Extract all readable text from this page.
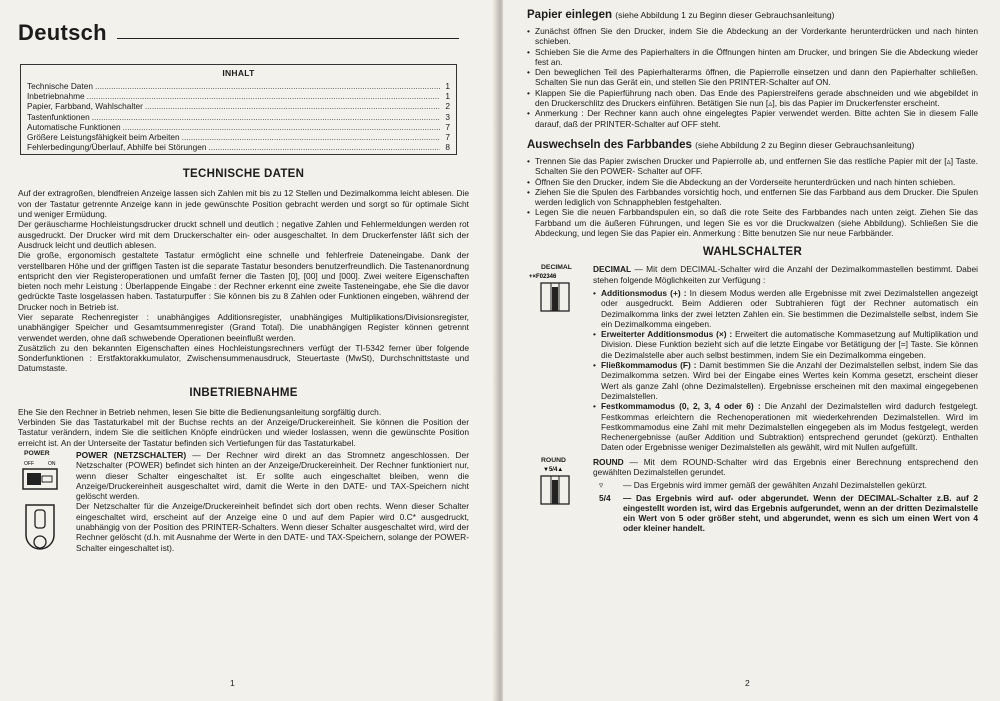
Deutsch
INHALT
Technische Daten .....	1
Inbetriebnahme .....	1
Papier, Farbband, Wahlschalter .....	2
Tastenfunktionen .....	3
Automatische Funktionen .....	7
Größere Leistungsfähigkeit beim Arbeiten .....	7
Fehlerbedingung/Überlauf, Abhilfe bei Störungen .....	8
TECHNISCHE DATEN

Auf der extragroßen, blendfreien Anzeige lassen sich Zahlen mit bis zu 12 Stellen und Dezimalkomma leicht ablesen. Die von der Tastatur getrennte Anzeige kann in jede gewünschte Position gebracht werden und sorgt so für optimale Sicht und weniger Ermüdung.

Der geräuscharme Hochleistungsdrucker druckt schnell und deutlich ; negative Zahlen und Fehlermeldungen werden rot ausgedruckt. Der Drucker wird mit dem Druckerschalter ein- oder ausgeschaltet. In dem Druckerfenster läßt sich der Ausdruck leicht und deutlich ablesen.

Die große, ergonomisch gestaltete Tastatur ermöglicht eine schnelle und fehlerfreie Dateneingabe. Dank der verstellbaren Höhe und der griffigen Tasten ist die separate Tastatur besonders benutzerfreundlich. Die Tastenanordnung entspricht den vier Registeroperationen und umfaßt ferner die Tasten [0], [00] und [000]. Zwei weitere Eigenschaften bieten noch mehr Leistung : Überlappende Eingabe : der Rechner erkennt eine zweite Tasteneingabe, ehe Sie die davor gedrückte Taste losgelassen haben. Tastaturpuffer : Sie können bis zu 8 Zahlen oder Funktionen eingeben, während der Drucker noch in Betrieb ist.

Vier separate Rechenregister : unabhängiges Additionsregister, unabhängiges Multiplikations/Divisionsregister, unabhängiger Speicher und Gesamtsummenregister (Grand Total). Die unabhängigen Register können getrennt verwendet werden, ohne daß schwebende Operationen beeinflußt werden.

Zusätzlich zu den bekannten Eigenschaften eines Hochleistungsrechners verfügt der TI-5342 ferner über folgende Sonderfunktionen : Erstfaktorakkumulator, Zwischensummenausdruck, Steuertaste (MwSt), Durchschnittstaste und Datumstaste.

INBETRIEBNAHME

Ehe Sie den Rechner in Betrieb nehmen, lesen Sie bitte die Bedienungsanleitung sorgfältig durch.

Verbinden Sie das Tastaturkabel mit der Buchse rechts an der Anzeige/Druckereinheit. Sie können die Position der Tastatur verändern, indem Sie die seitlichen Knöpfe eindrücken und wieder loslassen, wenn die gewünschte Position erreicht ist. An der Unterseite der Tastatur befinden sich Vertiefungen für das Tastaturkabel.

POWER
OFF	ON

POWER (NETZSCHALTER) — Der Rechner wird direkt an das Stromnetz angeschlossen. Der Netzschalter (POWER) befindet sich hinten an der Anzeige/Druckereinheit. Der Rechner funktioniert nur, wenn dieser Schalter eingeschaltet ist. Er sollte auch eingeschaltet bleiben, wenn die Anzeige/Druckereinheit ausgeschaltet wird, damit die Werte in den DATE- und TAX-Speichern nicht gelöscht werden.

Der Netzschalter für die Anzeige/Druckereinheit befindet sich dort oben rechts. Wenn dieser Schalter eingeschaltet wird, erscheint auf der Anzeige eine 0 und auf dem Papier wird 0.C* ausgedruckt, unabhängig von der Position des PRINTER-Schalters. Wenn dieser Schalter ausgeschaltet wird, wird der Rechner gelöscht (d.h. mit Ausnahme der Werte in den DATE- und TAX-Speichern, solange der POWER-Schalter eingeschaltet ist).

1
Papier einlegen (siehe Abbildung 1 zu Beginn dieser Gebrauchsanleitung)
• Zunächst öffnen Sie den Drucker, indem Sie die Abdeckung an der Vorderkante herunterdrücken und nach hinten schieben.
• Schieben Sie die Arme des Papierhalters in die Öffnungen hinten am Drucker, und bringen Sie die Abdeckung wieder fest an.
• Den beweglichen Teil des Papierhalterarms öffnen, die Papierrolle einsetzen und dann den Papierhalter schließen. Schalten Sie nun das Gerät ein, und stellen Sie den PRINTER-Schalter auf ON.
• Klappen Sie die Papierführung nach oben. Das Ende des Papierstreifens gerade abschneiden und wie abgebildet in den Druckerschlitz des Druckers einführen. Betätigen Sie nun [▵], bis das Papier im Druckerfenster erscheint.
• Anmerkung : Der Rechner kann auch ohne eingelegtes Papier verwendet werden. Bitte achten Sie in diesem Falle darauf, daß der PRINTER-Schalter auf OFF steht.
Auswechseln des Farbbandes (siehe Abbildung 2 zu Beginn dieser Gebrauchsanleitung)
• Trennen Sie das Papier zwischen Drucker und Papierrolle ab, und entfernen Sie das restliche Papier mit der [▵] Taste. Schalten Sie den POWER- Schalter auf OFF.
• Öffnen Sie den Drucker, indem Sie die Abdeckung an der Vorderseite herunterdrücken und nach hinten schieben.
• Ziehen Sie die Spulen des Farbbandes vorsichtig hoch, und entfernen Sie das Farbband aus dem Drucker. Die Spulen werden lediglich von Schnappheblen festgehalten.
• Legen Sie die neuen Farbbandspulen ein, so daß die rote Seite des Farbbandes nach unten zeigt. Ziehen Sie das Farbband um die äußeren Führungen, und legen Sie es vor die Druckwalzen (siehe Abbildung). Schließen Sie die Abdeckung, und legen Sie das Papier ein. Anmerkung : Bitte benutzen Sie nur neue Farbbänder.
WAHLSCHALTER
DECIMAL
+×F02346

DECIMAL — Mit dem DECIMAL-Schalter wird die Anzahl der Dezimalkommastellen bestimmt. Dabei stehen folgende Möglichkeiten zur Verfügung :

• Additionsmodus (+) : In diesem Modus werden alle Ergebnisse mit zwei Dezimalstellen angezeigt oder ausgedruckt. Beim Addieren oder Subtrahieren fügt der Rechner automatisch ein Dezimalkomma links der zwei letzten Zahlen ein. Sie bestimmen die Dezimalstelle selbst, indem Sie ein Dezimalkomma eingeben.
• Erweiterter Additionsmodus (×) : Erweitert die automatische Kommasetzung auf Multiplikation und Division. Diese Funktion bezieht sich auf die letzte Eingabe vor Betätigung der [=] Taste. Sie können die Dezimalstelle aber auch selbst bestimmen, indem Sie ein Dezimalkomma eingeben.
• Fließkommamodus (F) : Damit bestimmen Sie die Anzahl der Dezimalstellen selbst, indem Sie das Dezimalkomma setzen. Wird bei der Eingabe eines Wertes kein Komma gesetzt, erscheint dieser Wert als ganze Zahl (ohne Dezimalstellen). Ergebnisse erscheinen mit den maximal eingegebenen Dezimalstellen.
• Festkommamodus (0, 2, 3, 4 oder 6) : Die Anzahl der Dezimalstellen wird dadurch festgelegt. Festkommas erleichtern die Rechenoperationen mit wiederkehrenden Dezimalstellen. Wird im Festkommamodus eine Zahl mit mehr Dezimalstellen eingegeben als im Modus festgelegt, werden Rechenergebnisse (außer Addition und Subtraktion) entsprechend gerundet (gekürzt). Enthalten Daten oder Ergebnisse weniger Dezimalstellen als gewählt, wird mit Nullen aufgefüllt.
ROUND
▼5/4▲

ROUND — Mit dem ROUND-Schalter wird das Ergebnis einer Berechnung entsprechend den gewählten Dezimalstellen gerundet.

▿	— Das Ergebnis wird immer gemäß der gewählten Anzahl Dezimalstellen gekürzt.
5/4	— Das Ergebnis wird auf- oder abgerundet. Wenn der DECIMAL-Schalter z.B. auf 2 eingestellt worden ist, wird das Ergebnis aufgerundet, wenn an der dritten Dezimalstelle ein Wert von 5 oder größer steht, und abgerundet, wenn es sich um einen Wert von 4 oder kleiner handelt.
2
